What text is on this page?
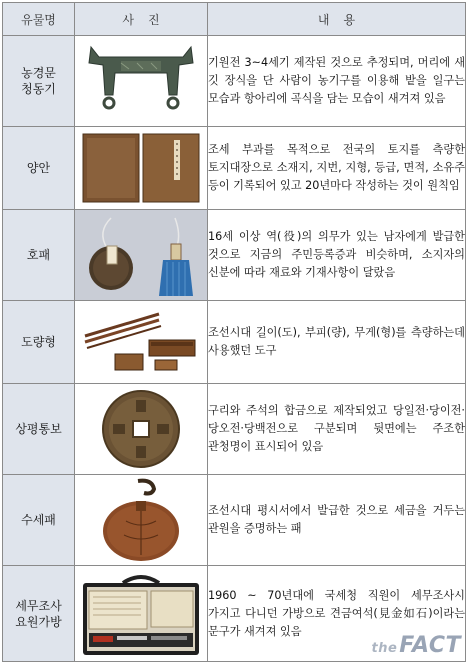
유물명	사진	내용
농경문
청동기		기원전 3~4세기 제작된 것으로 추정되며, 머리에 새 깃 장식을 단 사람이 농기구를 이용해 밭을 일구는 모습과 항아리에 곡식을 담는 모습이 새겨져 있음
양안		조세 부과를 목적으로 전국의 토지를 측량한 토지대장으로 소재지, 지번, 지형, 등급, 면적, 소유주 등이 기록되어 있고 20년마다 작성하는 것이 원칙임
호패		16세 이상 역(役)의 의무가 있는 남자에게 발급한 것으로 지금의 주민등록증과 비슷하며, 소지자의 신분에 따라 재료와 기재사항이 달랐음
도량형		조선시대 길이(도), 부피(량), 무게(형)를 측량하는데 사용했던 도구
상평통보		구리와 주석의 합금으로 제작되었고 당일전·당이전·당오전·당백전으로 구분되며 뒷면에는 주조한 관청명이 표시되어 있음
수세패		조선시대 평시서에서 발급한 것으로 세금을 거두는 관원을 증명하는 패
세무조사
요원가방		1960 ~ 70년대에 국세청 직원이 세무조사시 가지고 다니던 가방으로 견금여석(見金如石)이라는 문구가 새겨져 있음
theFACT
